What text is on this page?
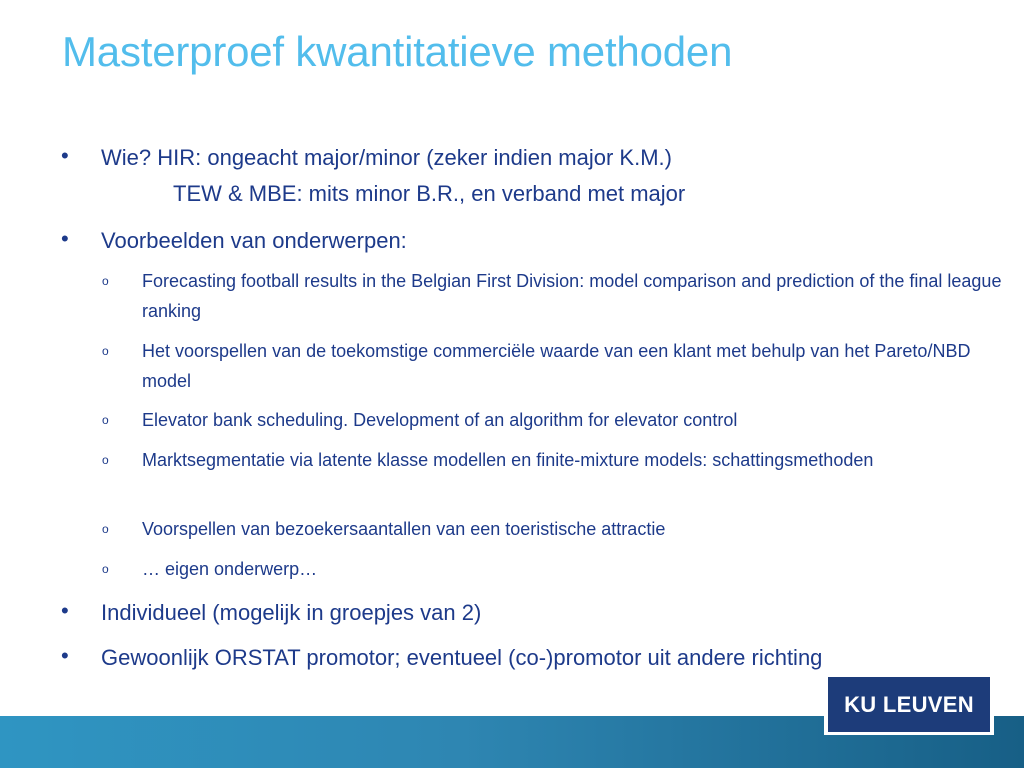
Masterproef kwantitatieve methoden
• Wie? HIR: ongeacht major/minor (zeker indien major K.M.)
TEW & MBE: mits minor B.R., en verband met major
• Voorbeelden van onderwerpen:
o Forecasting football results in the Belgian First Division: model comparison and prediction of the final league ranking
o Het voorspellen van de toekomstige commerciële waarde van een klant met behulp van het Pareto/NBD model
o Elevator bank scheduling. Development of an algorithm for elevator control
o Marktsegmentatie via latente klasse modellen en finite-mixture models: schattingsmethoden
o Voorspellen van bezoekersaantallen van een toeristische attractie
o … eigen onderwerp…
• Individueel (mogelijk in groepjes van 2)
• Gewoonlijk ORSTAT promotor; eventueel (co-)promotor uit andere richting
KU LEUVEN
